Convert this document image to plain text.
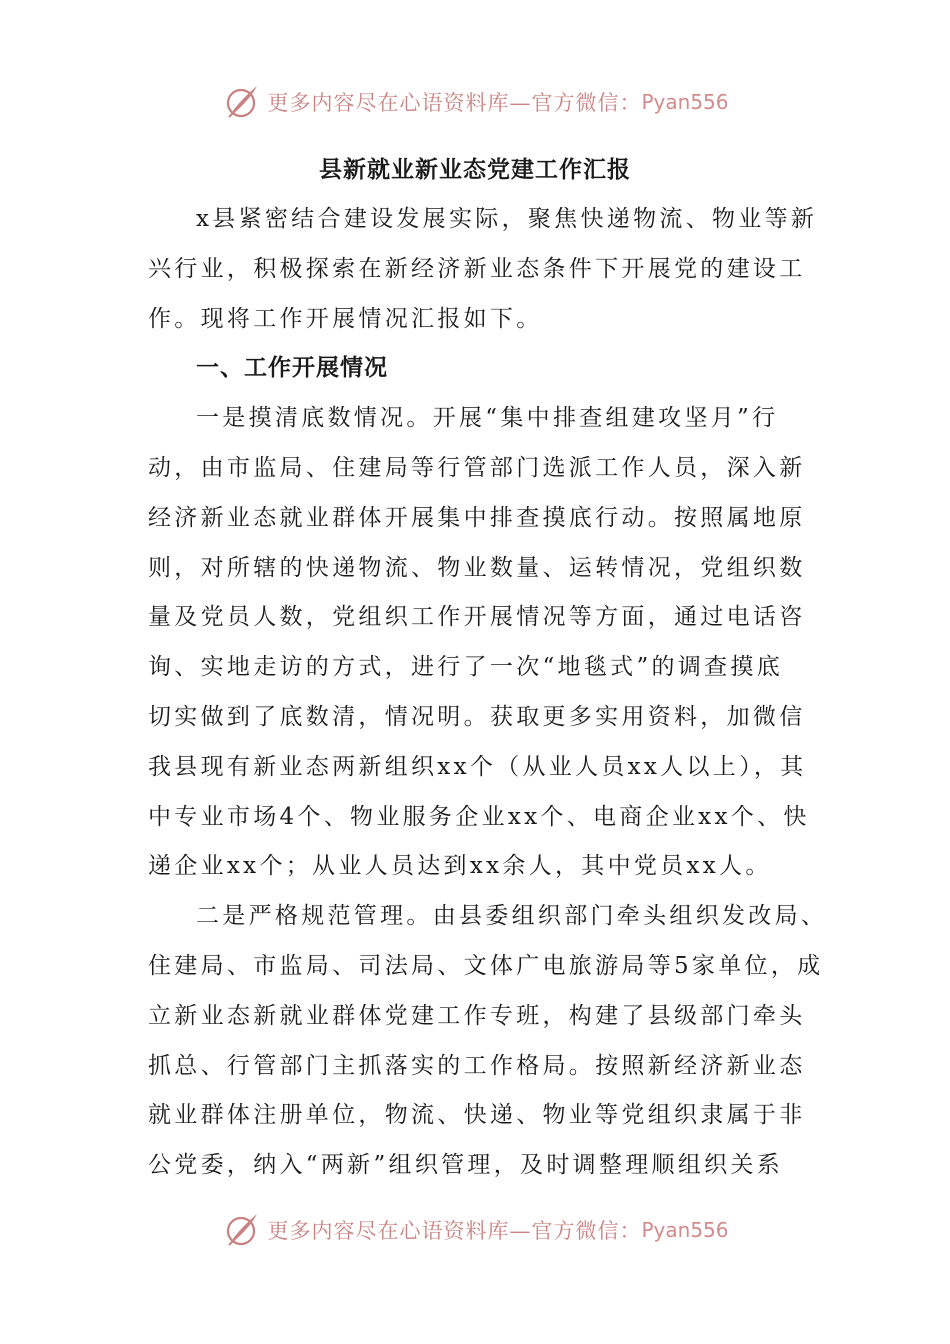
更多内容尽在心语资料库—官方微信： Pyan556
县新就业新业态党建工作汇报
x县紧密结合建设发展实际，聚焦快递物流、物业等新
兴行业，积极探索在新经济新业态条件下开展党的建设工
作。现将工作开展情况汇报如下。
一、工作开展情况
一是摸清底数情况。开展“集中排查组建攻坚月”行
动，由市监局、住建局等行管部门选派工作人员，深入新
经济新业态就业群体开展集中排查摸底行动。按照属地原
则，对所辖的快递物流、物业数量、运转情况，党组织数
量及党员人数，党组织工作开展情况等方面，通过电话咨
询、实地走访的方式，进行了一次“地毯式”的调查摸底
切实做到了底数清，情况明。获取更多实用资料，加微信
我县现有新业态两新组织xx个（从业人员xx人以上），其
中专业市场4个、物业服务企业xx个、电商企业xx个、快
递企业xx个；从业人员达到xx余人，其中党员xx人。
二是严格规范管理。由县委组织部门牵头组织发改局、
住建局、市监局、司法局、文体广电旅游局等5家单位，成
立新业态新就业群体党建工作专班，构建了县级部门牵头
抓总、行管部门主抓落实的工作格局。按照新经济新业态
就业群体注册单位，物流、快递、物业等党组织隶属于非
公党委，纳入“两新”组织管理，及时调整理顺组织关系
更多内容尽在心语资料库—官方微信： Pyan556
